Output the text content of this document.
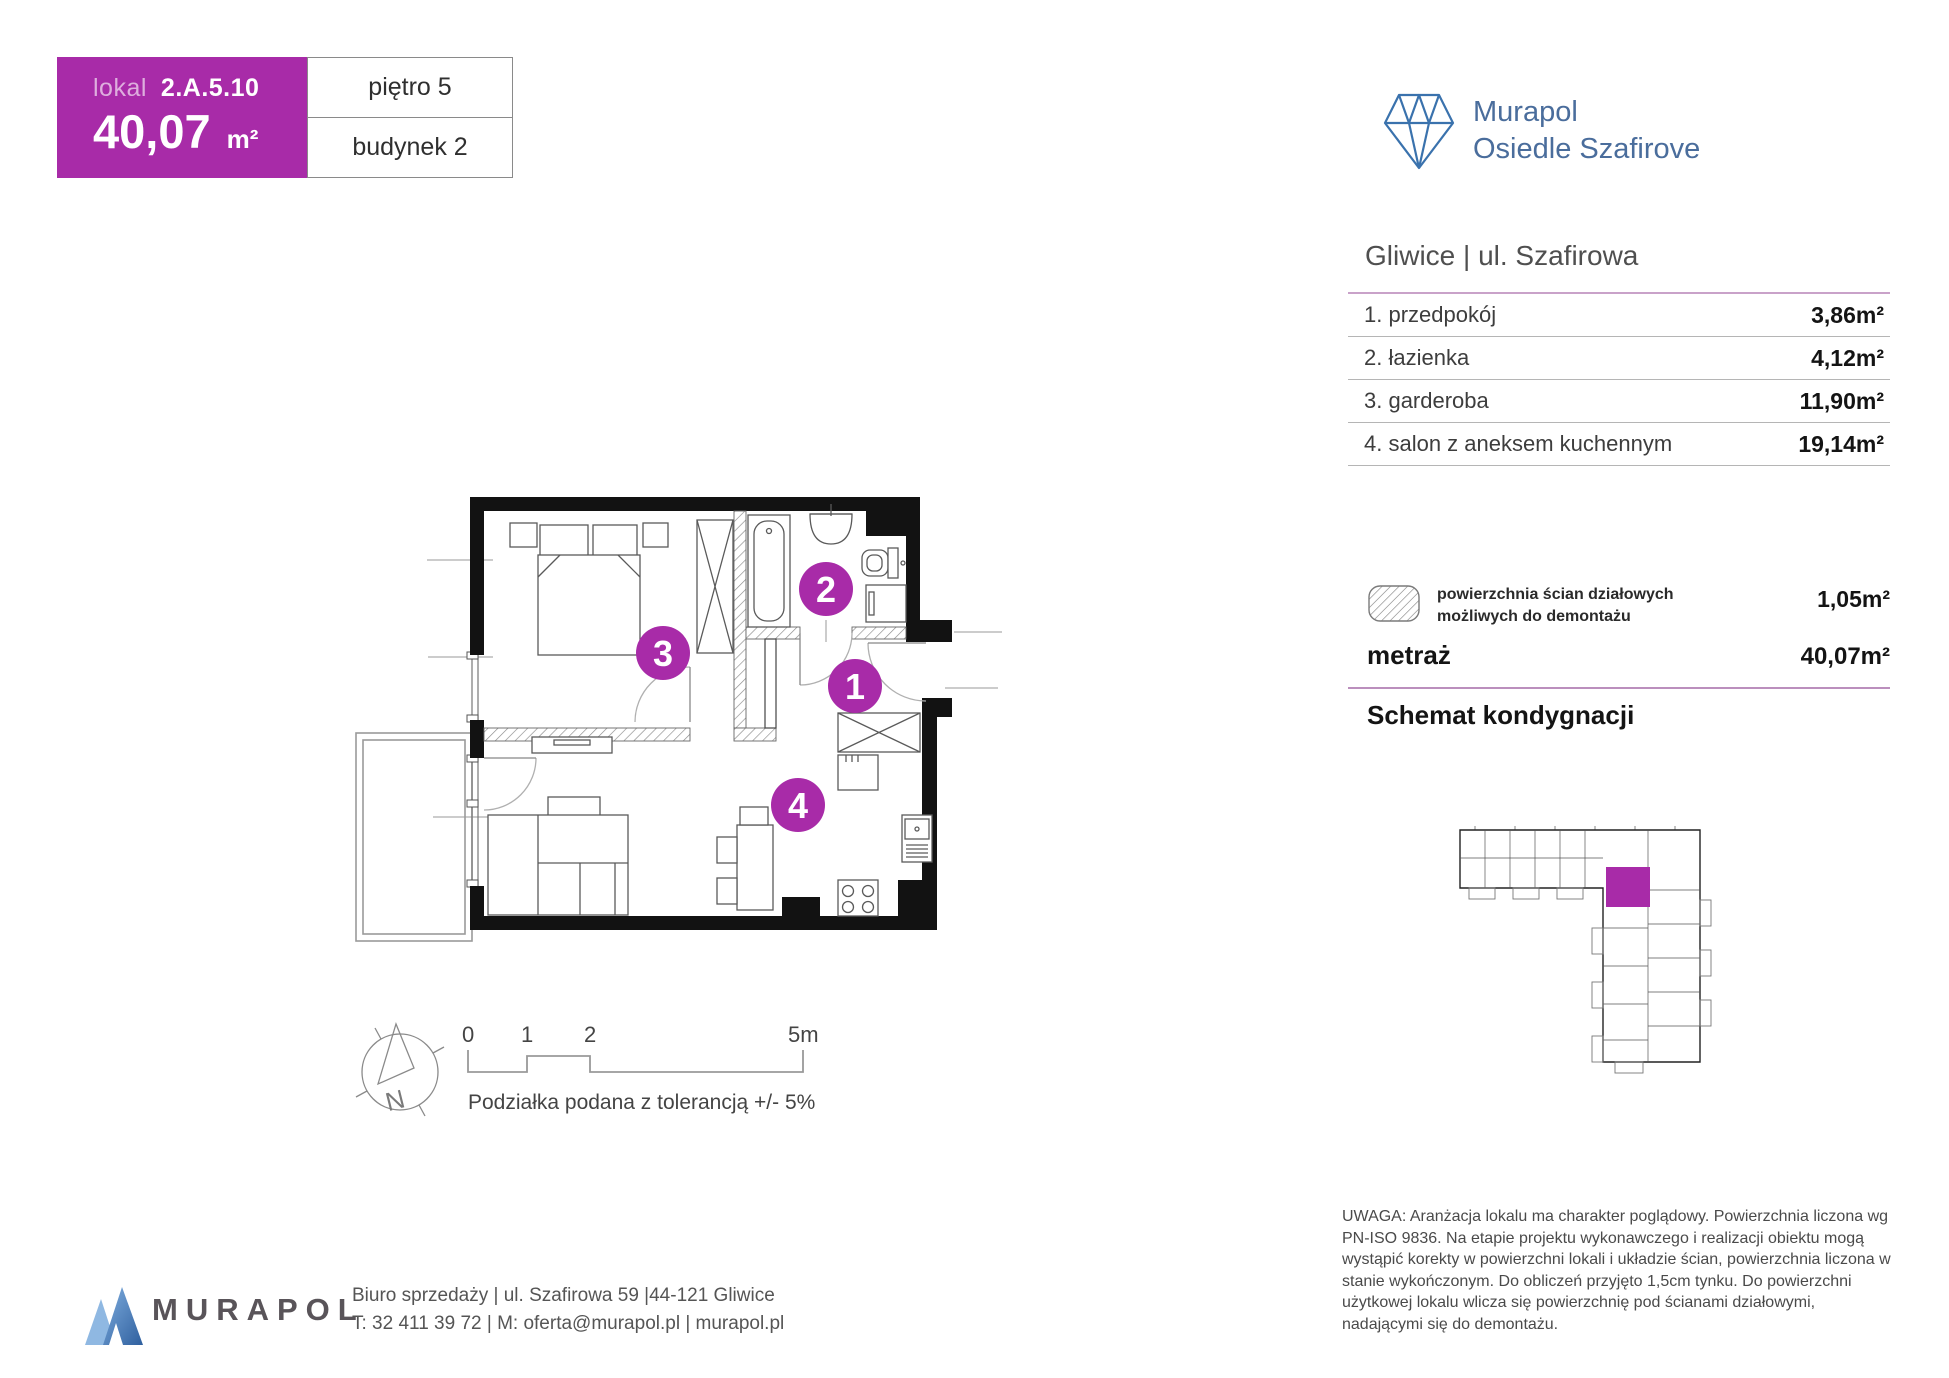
lokal 2.A.5.10
40,07 m²
piętro 5
budynek 2
Murapol
Osiedle Szafirove
Gliwice | ul. Szafirowa
1. przedpokój	3,86m²
2. łazienka	4,12m²
3. garderoba	11,90m²
4. salon z aneksem kuchennym	19,14m²
powierzchnia ścian działowych możliwych do demontażu
1,05m²
metraż	40,07m²
Schemat kondygnacji
1
2
3
4
N
0 1 2	5m
Podziałka podana z tolerancją +/- 5%
MURAPOL
Biuro sprzedaży | ul. Szafirowa 59 |44-121 Gliwice
T: 32 411 39 72 | M: oferta@murapol.pl | murapol.pl
UWAGA: Aranżacja lokalu ma charakter poglądowy. Powierzchnia liczona wg PN-ISO 9836. Na etapie projektu wykonawczego i realizacji obiektu mogą wystąpić korekty w powierzchni lokali i układzie ścian, powierzchnia liczona w stanie wykończonym. Do obliczeń przyjęto 1,5cm tynku. Do powierzchni użytkowej lokalu wlicza się powierzchnię pod ścianami działowymi, nadającymi się do demontażu.
